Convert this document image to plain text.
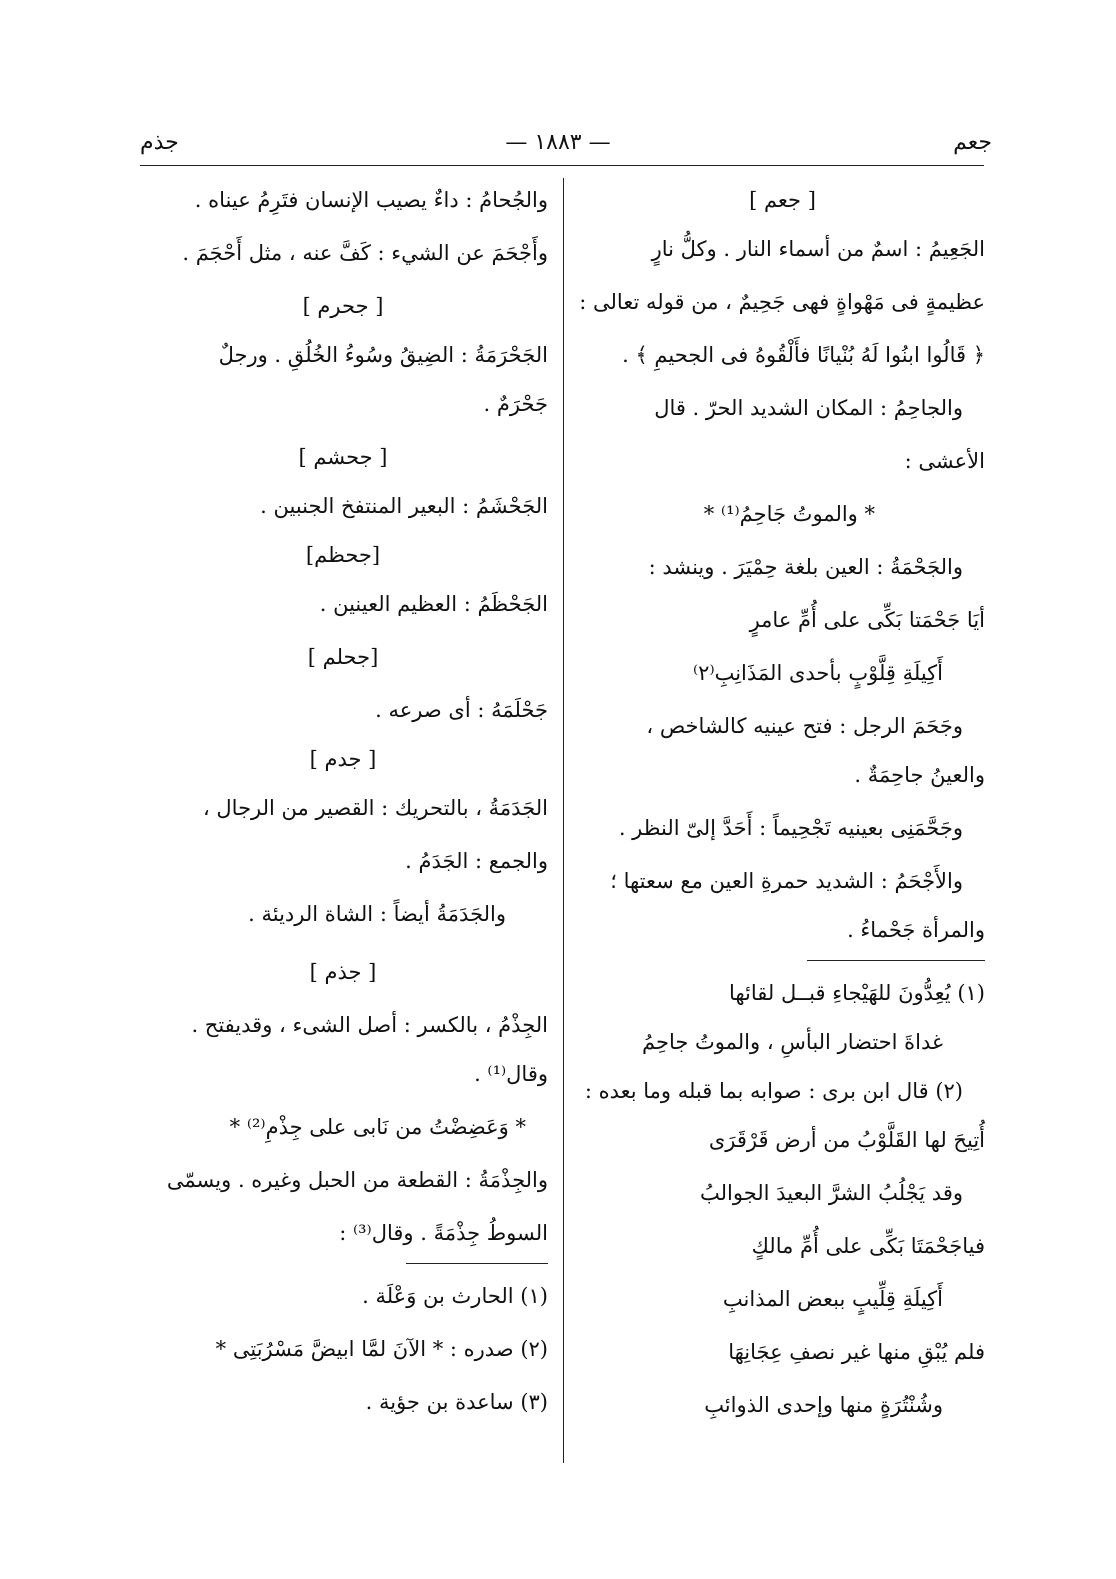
جعم
— ١٨٨٣ —
جذم

[ جعم ]

الجَعِيمُ : اسمٌ من أسماء النار . وكلُّ نارٍ

عظيمةٍ فى مَهْواةٍ فهى جَحِيمٌ ، من قوله تعالى :

﴿ قَالُوا ابنُوا لَهُ بُنْيانًا فأَلْقُوهُ فى الجحيمِ ﴾ .

والجاحِمُ : المكان الشديد الحرّ . قال

الأعشى :

* والموتُ جَاحِمُ⁽¹⁾ *

والجَحْمَةُ : العين بلغة حِمْيَرَ . وينشد :

أيَا جَحْمَتا بَكِّى على أُمِّ عامرٍ

أَكِيلَةِ قِلَّوْبٍ بأحدى المَذَانِبِ⁽٢⁾

وجَحَمَ الرجل : فتح عينيه كالشاخص ،

والعينُ جاحِمَةٌ .

وجَحَّمَنِى بعينيه تَجْحِيماً : أَحَدَّ إلىّ النظر .

والأَجْحَمُ : الشديد حمرةِ العين مع سعتها ؛

والمرأة جَحْماءُ .

(١) يُعِدُّونَ للهَيْجاءِ قبــل لقائها

غداةَ احتضار البأسِ ، والموتُ جاحِمُ

(٢) قال ابن برى : صوابه بما قبله وما بعده :

أُتِيحَ لها القَلَّوْبُ من أرض قَرْقَرَى

وقد يَجْلُبُ الشرَّ البعيدَ الجوالبُ

فياجَحْمَتَا بَكِّى على أُمِّ مالكٍ

أَكِيلَةِ قِلِّيبٍ ببعض المذانبِ

فلم يُبْقِ منها غير نصفِ عِجَانِهَا

وشُنْتُرَةٍ منها وإحدى الذوائبِ

والجُحامُ : داءٌ يصيب الإنسان فتَرِمُ عيناه .

وأَجْحَمَ عن الشيء : كَفَّ عنه ، مثل أَحْجَمَ .

[ جحرم ]

الجَحْرَمَةُ : الضِيقُ وسُوءُ الخُلُقِ . ورجلٌ

جَحْرَمٌ .

[ جحشم ]

الجَحْشَمُ : البعير المنتفخ الجنبين .

[جحظم]

الجَحْظَمُ : العظيم العينين .

[جحلم ]

جَحْلَمَهُ : أى صرعه .

[ جدم ]

الجَدَمَةُ ، بالتحريك : القصير من الرجال ،

والجمع : الجَدَمُ .

والجَدَمَةُ أيضاً : الشاة الرديئة .

[ جذم ]

الجِذْمُ ، بالكسر : أصل الشىء ، وقديفتح .

وقال⁽¹⁾ .

* وَعَضِضْتُ من نَابى على جِذْمِ⁽²⁾ *

والجِذْمَةُ : القطعة من الحبل وغيره . ويسمّى

السوطُ جِذْمَةً . وقال⁽³⁾ :

(١) الحارث بن وَعْلَة .

(٢) صدره : * الآنَ لمَّا ابيضَّ مَسْرُبَتِى *

(٣) ساعدة بن جؤية .
